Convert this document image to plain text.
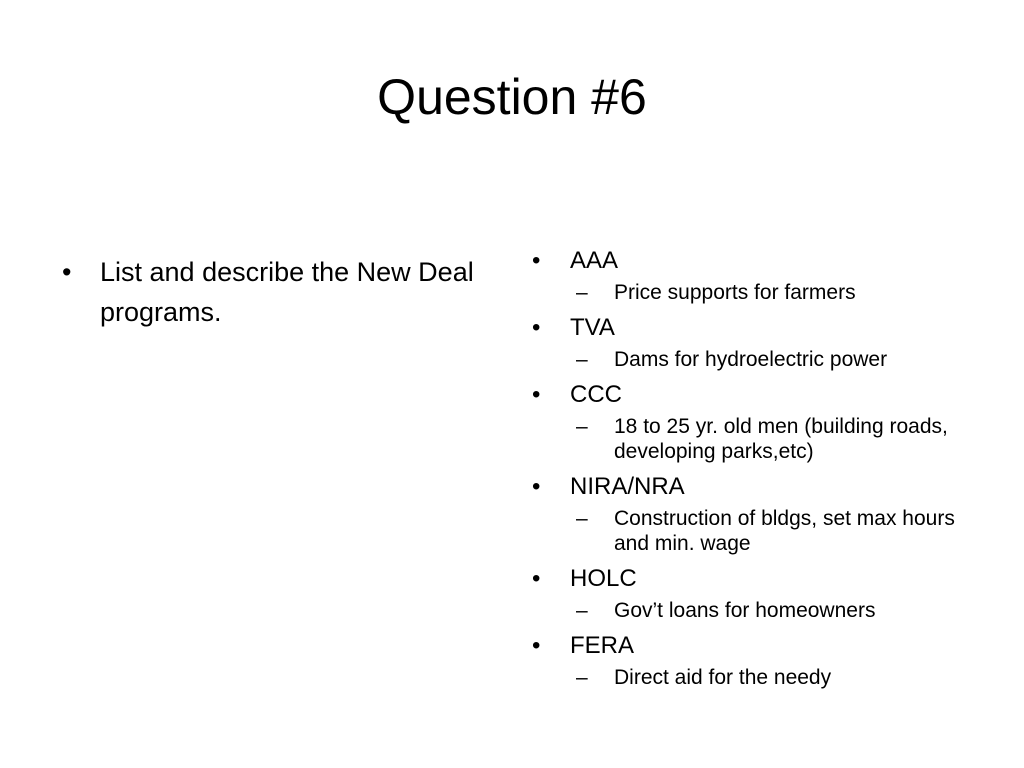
Question #6
• List and describe the New Deal programs.
• AAA
– Price supports for farmers
• TVA
– Dams for hydroelectric power
• CCC
– 18 to 25 yr. old men (building roads, developing parks,etc)
• NIRA/NRA
– Construction of bldgs, set max hours and min. wage
• HOLC
– Gov’t loans for homeowners
• FERA
– Direct aid for the needy
